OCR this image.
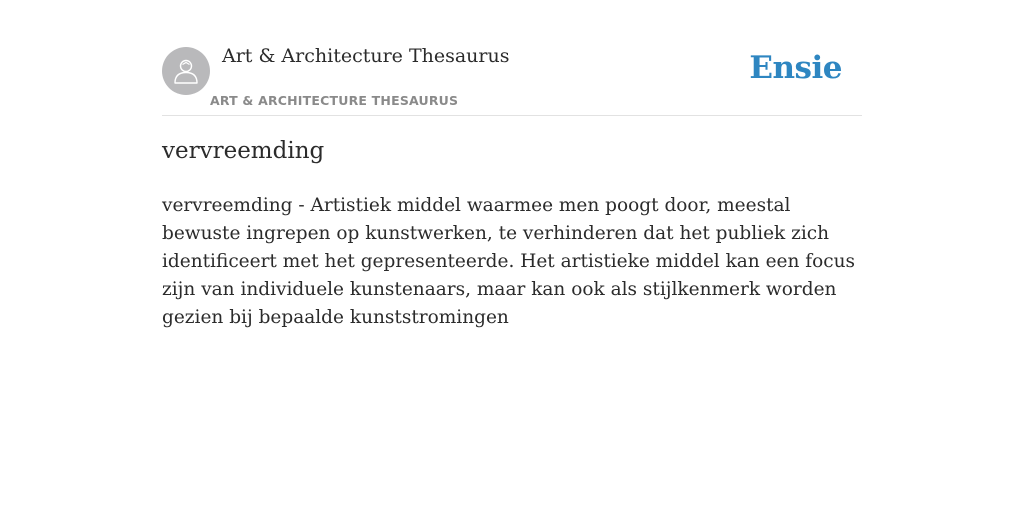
Art & Architecture Thesaurus
ART & ARCHITECTURE THESAURUS
Ensie
vervreemding

vervreemding - Artistiek middel waarmee men poogt door, meestal bewuste ingrepen op kunstwerken, te verhinderen dat het publiek zich identificeert met het gepresenteerde. Het artistieke middel kan een focus zijn van individuele kunstenaars, maar kan ook als stijlkenmerk worden gezien bij bepaalde kunststromingen
